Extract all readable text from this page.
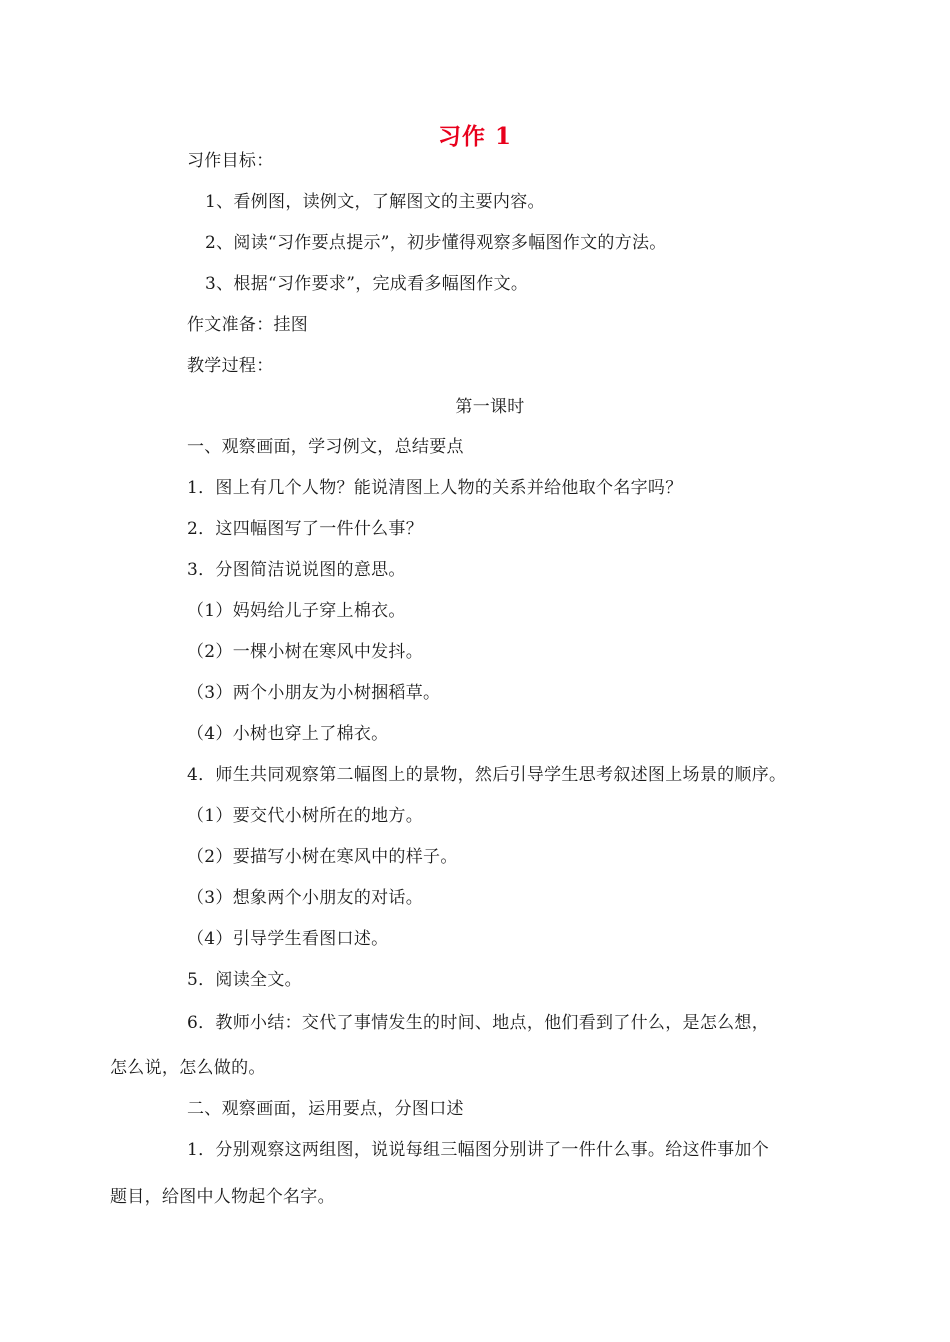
习作 1
习作目标：
1、看例图，读例文，了解图文的主要内容。
2、阅读“习作要点提示”，初步懂得观察多幅图作文的方法。
3、根据“习作要求”，完成看多幅图作文。
作文准备：挂图
教学过程：
第一课时
一、观察画面，学习例文，总结要点
1．图上有几个人物？能说清图上人物的关系并给他取个名字吗？
2．这四幅图写了一件什么事？
3．分图简洁说说图的意思。
（1）妈妈给儿子穿上棉衣。
（2）一棵小树在寒风中发抖。
（3）两个小朋友为小树捆稻草。
（4）小树也穿上了棉衣。
4．师生共同观察第二幅图上的景物，然后引导学生思考叙述图上场景的顺序。
（1）要交代小树所在的地方。
（2）要描写小树在寒风中的样子。
（3）想象两个小朋友的对话。
（4）引导学生看图口述。
5．阅读全文。
6．教师小结：交代了事情发生的时间、地点，他们看到了什么，是怎么想，
怎么说，怎么做的。
二、观察画面，运用要点，分图口述
1．分别观察这两组图，说说每组三幅图分别讲了一件什么事。给这件事加个
题目，给图中人物起个名字。
